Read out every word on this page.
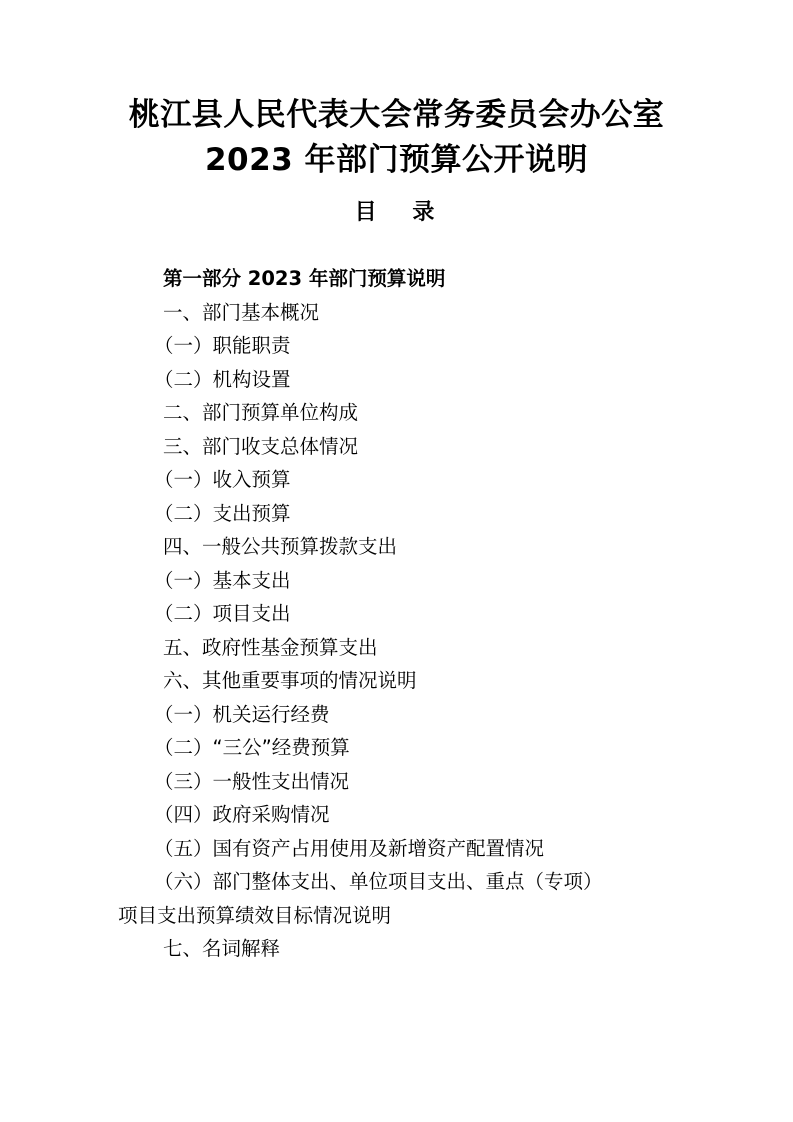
桃江县人民代表大会常务委员会办公室
2023 年部门预算公开说明
目 录
第一部分 2023 年部门预算说明
一、部门基本概况
（一）职能职责
（二）机构设置
二、部门预算单位构成
三、部门收支总体情况
（一）收入预算
（二）支出预算
四、一般公共预算拨款支出
（一）基本支出
（二）项目支出
五、政府性基金预算支出
六、其他重要事项的情况说明
（一）机关运行经费
（二）“三公”经费预算
（三）一般性支出情况
（四）政府采购情况
（五）国有资产占用使用及新增资产配置情况
（六）部门整体支出、单位项目支出、重点（专项）
项目支出预算绩效目标情况说明
七、名词解释
